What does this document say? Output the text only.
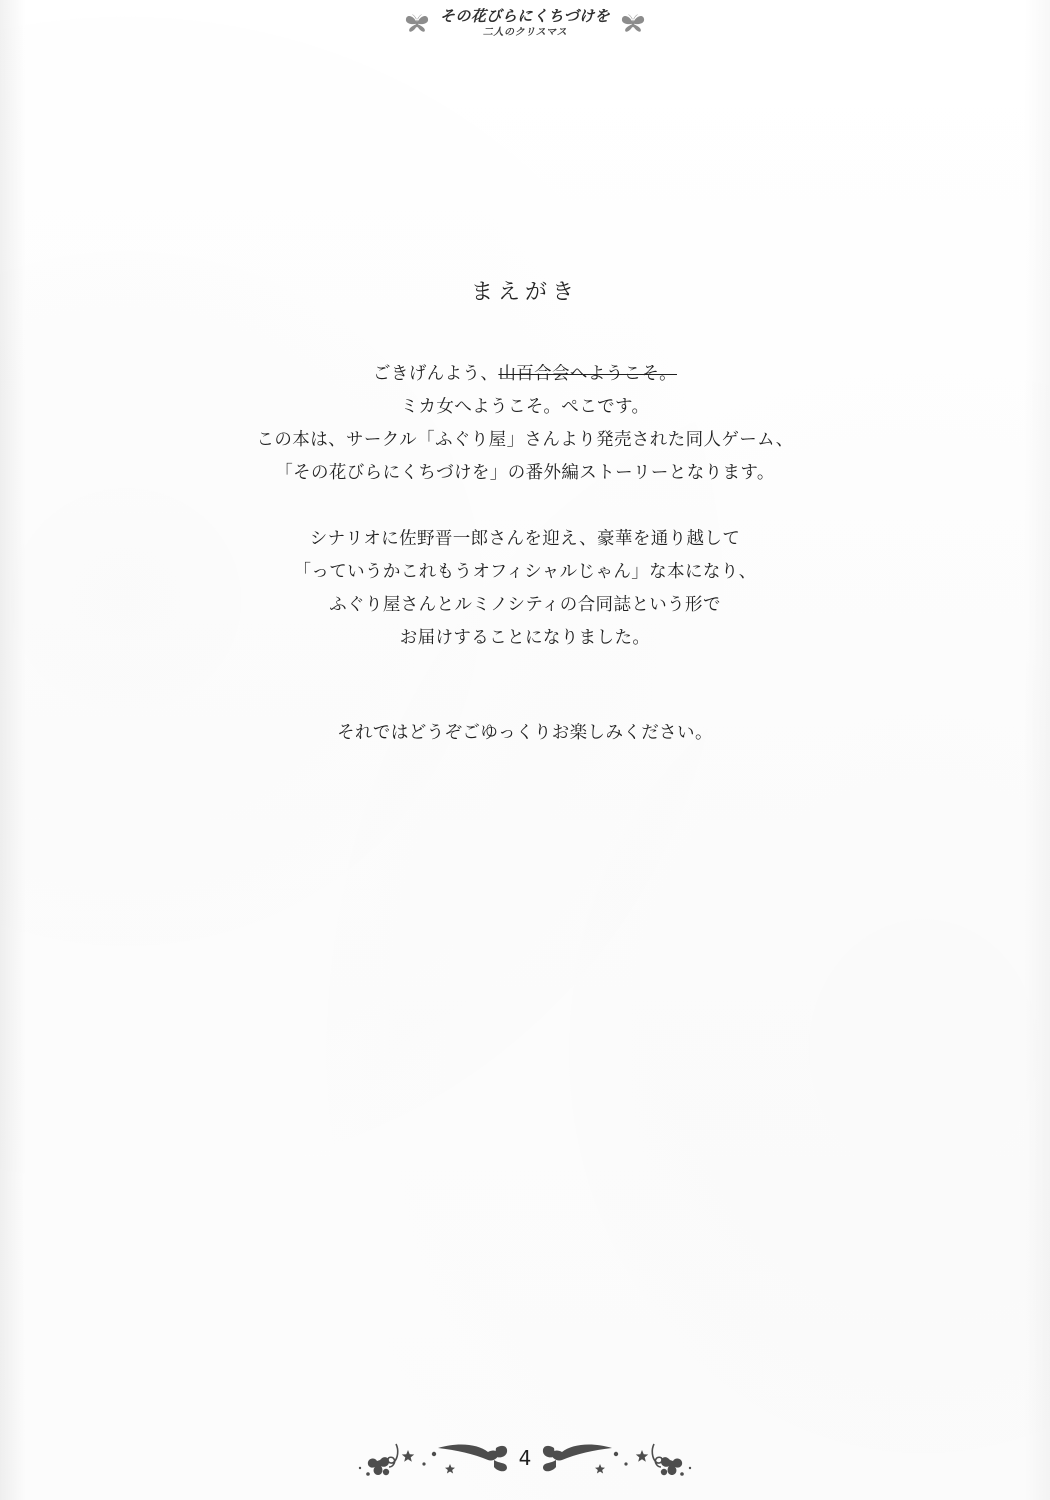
その花びらにくちづけを
二人のクリスマス
まえがき

ごきげんよう、山百合会へようこそ。
ミカ女へようこそ。ぺこです。
この本は、サークル「ふぐり屋」さんより発売された同人ゲーム、
「その花びらにくちづけを」の番外編ストーリーとなります。

シナリオに佐野晋一郎さんを迎え、豪華を通り越して
「っていうかこれもうオフィシャルじゃん」な本になり、
ふぐり屋さんとルミノシティの合同誌という形で
お届けすることになりました。

それではどうぞごゆっくりお楽しみください。

4
